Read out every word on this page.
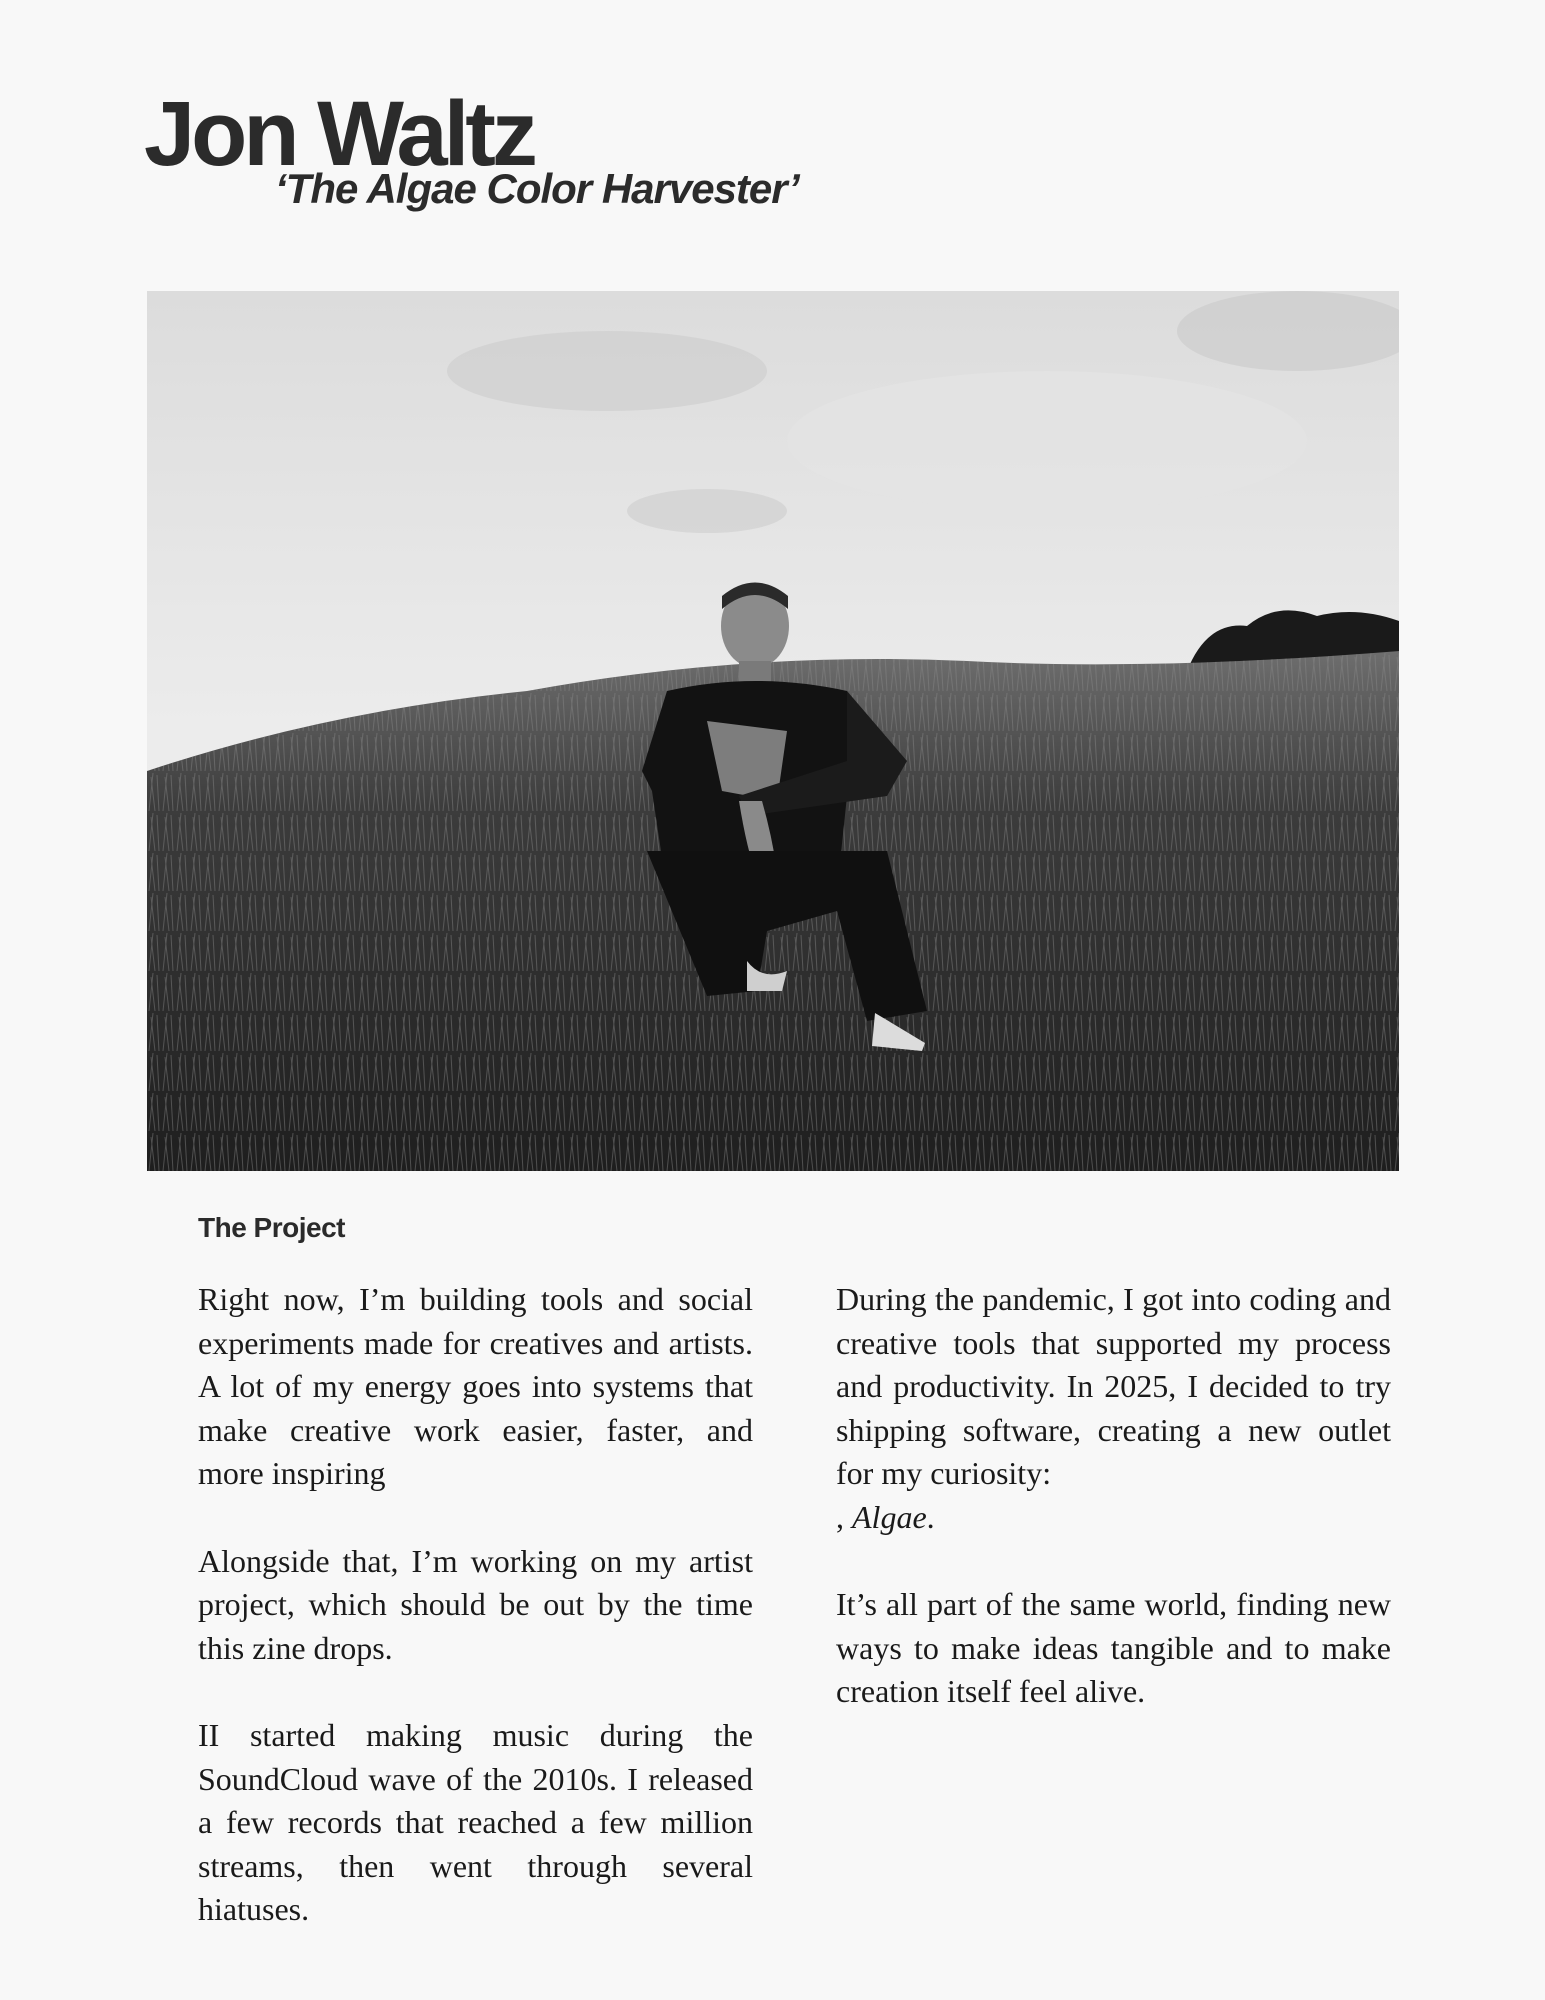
Jon Waltz
‘The Algae Color Harvester’
The Project

Right now, I’m building tools and social experiments made for creatives and artists. A lot of my energy goes into systems that make creative work easier, faster, and more inspiring

Alongside that, I’m working on my artist project, which should be out by the time this zine drops.

II started making music during the SoundCloud wave of the 2010s. I released a few records that reached a few million streams, then went through several hiatuses.

During the pandemic, I got into coding and creative tools that supported my process and productivity. In 2025, I decided to try shipping software, creating a new outlet for my curiosity:
, Algae.

It’s all part of the same world, finding new ways to make ideas tangible and to make creation itself feel alive.
